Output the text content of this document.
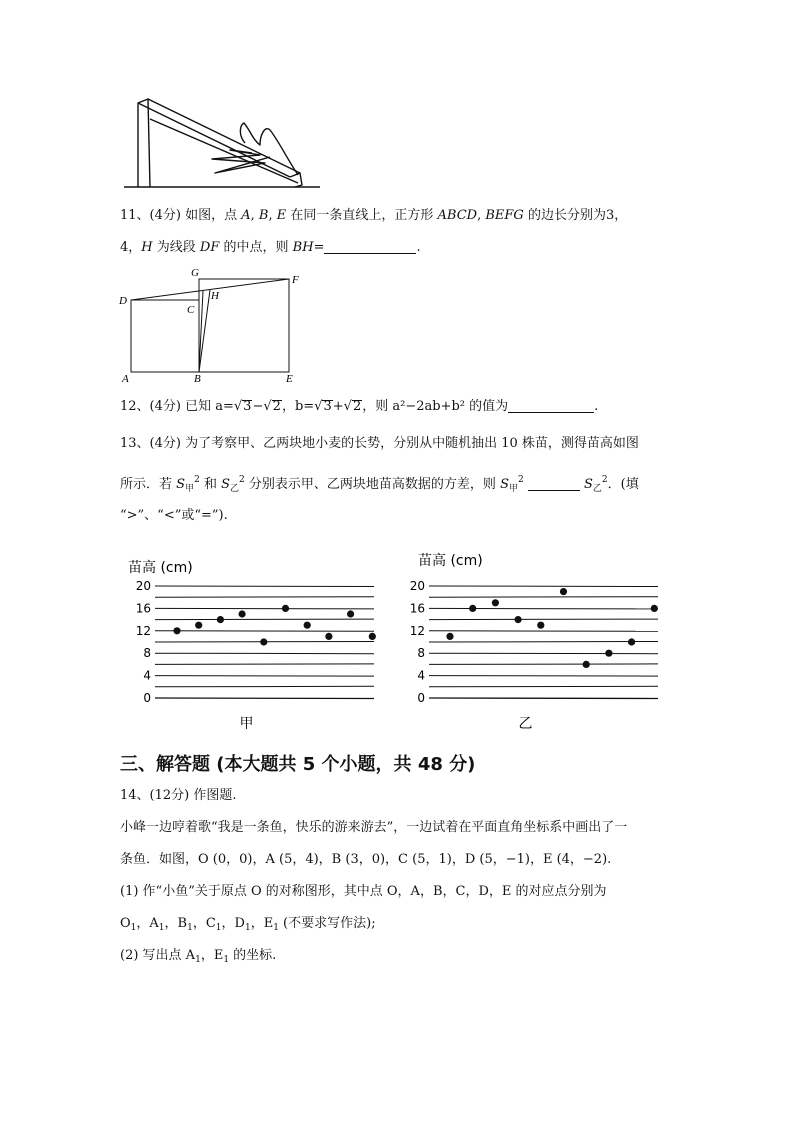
11、(4分) 如图，点 A, B, E 在同一条直线上，正方形 ABCD, BEFG 的边长分别为3，
4，H 为线段 DF 的中点，则 BH=	.
G
F
H
D
C
A	B	E
12、(4分) 已知 a=√3−√2，b=√3+√2，则 a²−2ab+b² 的值为	.
13、(4分) 为了考察甲、乙两块地小麦的长势，分别从中随机抽出 10 株苗，测得苗高如图
所示．若 $S_甲^2$ 和 $S_乙^2$ 分别表示甲、乙两块地苗高数据的方差，则 $S_甲^2$	$S_乙^2$．(填
“>”、“<”或“=”).
苗高 (cm)
20
16
12
8
4
0
甲
苗高 (cm)
20
16
12
8
4
0
乙
三、解答题 (本大题共 5 个小题，共 48 分)
14、(12分) 作图题.
小峰一边哼着歌“我是一条鱼，快乐的游来游去”，一边试着在平面直角坐标系中画出了一
条鱼．如图，O (0，0)，A (5，4)，B (3，0)，C (5，1)，D (5，−1)，E (4，−2).
(1) 作“小鱼”关于原点 O 的对称图形，其中点 O，A，B，C，D，E 的对应点分别为
$O_1$，$A_1$，$B_1$，$C_1$，$D_1$，$E_1$ (不要求写作法);
(2) 写出点 $A_1$，$E_1$ 的坐标.
